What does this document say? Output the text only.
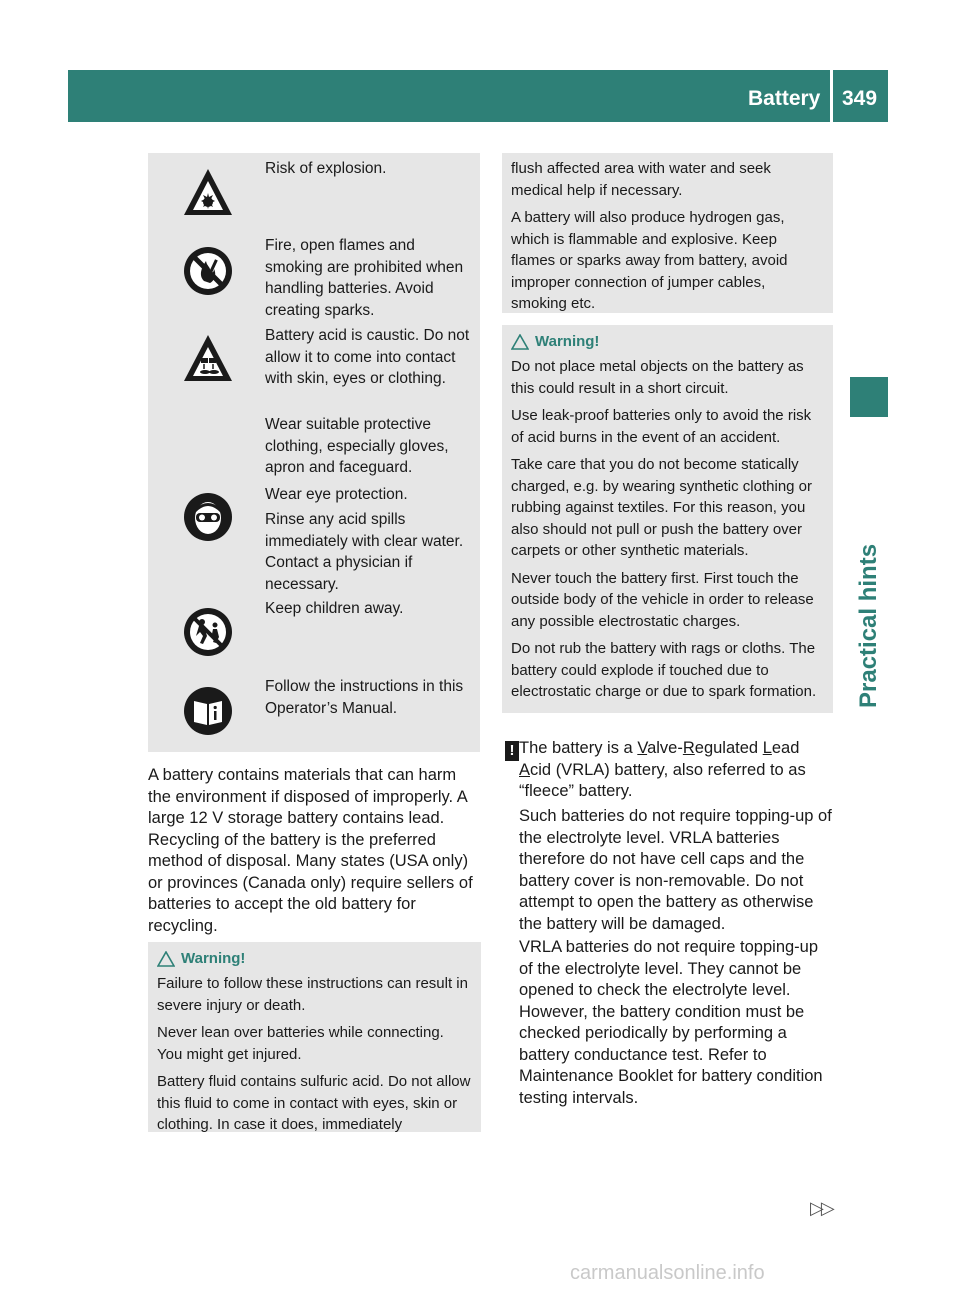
Battery 349
Practical hints

Risk of explosion.

Fire, open flames and smoking are prohibited when handling batteries. Avoid creating sparks.

Battery acid is caustic. Do not allow it to come into contact with skin, eyes or clothing.

Wear suitable protective clothing, especially gloves, apron and faceguard.

Wear eye protection.

Rinse any acid spills immediately with clear water. Contact a physician if necessary.

Keep children away.

Follow the instructions in this Operator’s Manual.

A battery contains materials that can harm the environment if disposed of improperly. A large 12 V storage battery contains lead. Recycling of the battery is the preferred method of disposal. Many states (USA only) or provinces (Canada only) require sellers of batteries to accept the old battery for recycling.

Warning!

Failure to follow these instructions can result in severe injury or death.

Never lean over batteries while connecting. You might get injured.

Battery fluid contains sulfuric acid. Do not allow this fluid to come in contact with eyes, skin or clothing. In case it does, immediately

flush affected area with water and seek medical help if necessary.

A battery will also produce hydrogen gas, which is flammable and explosive. Keep flames or sparks away from battery, avoid improper connection of jumper cables, smoking etc.

Warning!

Do not place metal objects on the battery as this could result in a short circuit.

Use leak-proof batteries only to avoid the risk of acid burns in the event of an accident.

Take care that you do not become statically charged, e.g. by wearing synthetic clothing or rubbing against textiles. For this reason, you also should not pull or push the battery over carpets or other synthetic materials.

Never touch the battery first. First touch the outside body of the vehicle in order to release any possible electrostatic charges.

Do not rub the battery with rags or cloths. The battery could explode if touched due to electrostatic charge or due to spark formation.

! The battery is a Valve-Regulated Lead Acid (VRLA) battery, also referred to as “fleece” battery.

Such batteries do not require topping-up of the electrolyte level. VRLA batteries therefore do not have cell caps and the battery cover is non-removable. Do not attempt to open the battery as otherwise the battery will be damaged.

VRLA batteries do not require topping-up of the electrolyte level. They cannot be opened to check the electrolyte level. However, the battery condition must be checked periodically by performing a battery conductance test. Refer to Maintenance Booklet for battery condition testing intervals.

▷▷
carmanualsonline.info
